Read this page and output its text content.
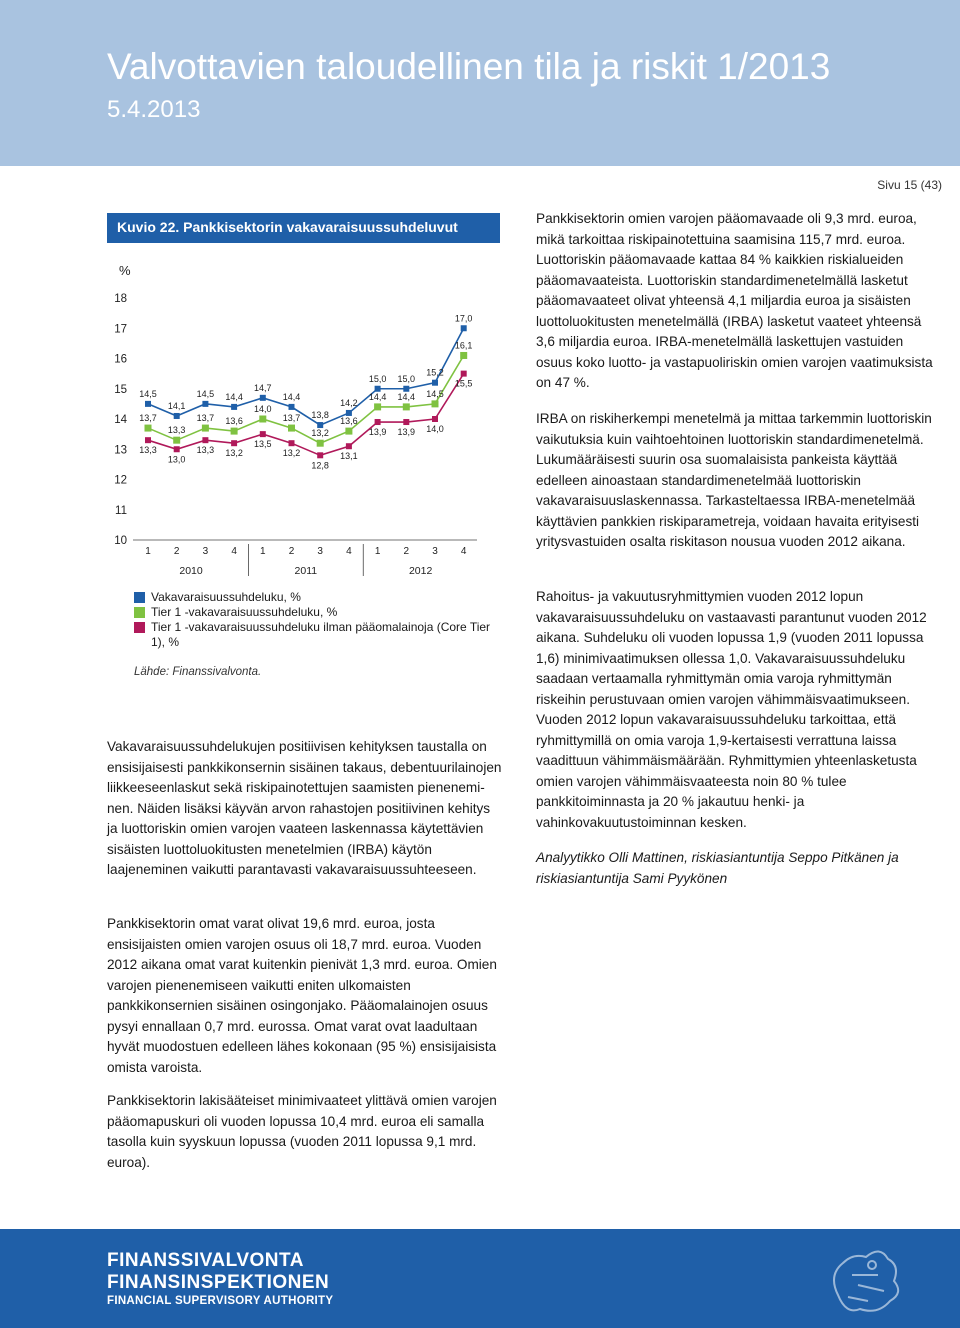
Valvottavien taloudellinen tila ja riskit 1/2013
5.4.2013
Sivu 15 (43)
Kuvio 22. Pankkisektorin vakavaraisuussuhdeluvut
%
10
11
12
13
14
15
16
17
18
1 2 3 4 1 2 3 4 1 2 3 4
2010	2011	2012
14,5
14,1
14,5 14,4
14,7
14,4
13,8
14,2
15,0 15,0
15,2
17,0
13,7
13,3
13,7 13,6
14,0
13,7
13,2
13,6
14,4 14,4 14,5
16,1
13,3
13,0
13,3 13,2
13,5
13,2
12,8
13,1
13,9 13,9 14,0
15,5
Vakavaraisuussuhdeluku, %
Tier 1 -vakavaraisuussuhdeluku, %
Tier 1 -vakavaraisuussuhdeluku ilman pääomalainoja (Core Tier 1), %
Lähde: Finanssivalvonta.

Vakavaraisuussuhdelukujen positiivisen kehityksen taustalla on ensisijaisesti pankkikonsernin sisäinen takaus, debentuurilainojen liikkeeseenlaskut sekä riskipainotettujen saamisten pieneneminen. Näiden lisäksi käyvän arvon rahastojen positiivinen kehitys ja luottoriskin omien varojen vaateen laskennassa käytettävien sisäisten luottoluokitusten menetelmien (IRBA) käytön laajeneminen vaikutti parantavasti vakavaraisuussuhteeseen.

Pankkisektorin omat varat olivat 19,6 mrd. euroa, josta ensisijaisten omien varojen osuus oli 18,7 mrd. euroa. Vuoden 2012 aikana omat varat kuitenkin pienivät 1,3 mrd. euroa. Omien varojen pienenemiseen vaikutti eniten ulkomaisten pankkikonsernien sisäinen osingonjako. Pääomalainojen osuus pysyi ennallaan 0,7 mrd. eurossa. Omat varat ovat laadultaan hyvät muodostuen edelleen lähes kokonaan (95 %) ensisijaisista omista varoista.

Pankkisektorin lakisääteiset minimivaateet ylittävä omien varojen pääomapuskuri oli vuoden lopussa 10,4 mrd. euroa eli samalla tasolla kuin syyskuun lopussa (vuoden 2011 lopussa 9,1 mrd. euroa).

Pankkisektorin omien varojen pääomavaade oli 9,3 mrd. euroa, mikä tarkoittaa riskipainotettuina saamisina 115,7 mrd. euroa. Luottoriskin pääomavaade kattaa 84 % kaikkien riskialueiden pääomavaateista. Luottoriskin standardimenetelmällä lasketut pääomavaateet olivat yhteensä 4,1 miljardia euroa ja sisäisten luottoluokitusten menetelmällä (IRBA) lasketut vaateet yhteensä 3,6 miljardia euroa. IRBA-menetelmällä laskettujen vastuiden osuus koko luotto- ja vastapuoliriskin omien varojen vaatimuksista on 47 %.

IRBA on riskiherkempi menetelmä ja mittaa tarkemmin luottoriskin vaikutuksia kuin vaihtoehtoinen luottoriskin standardimenetelmä. Lukumääräisesti suurin osa suomalaisista pankeista käyttää edelleen ainoastaan standardimenetelmää luottoriskin vakavaraisuuslaskennassa. Tarkasteltaessa IRBA-menetelmää käyttävien pankkien riskiparametreja, voidaan havaita erityisesti yritysvastuiden osalta riskitason nousua vuoden 2012 aikana.

Rahoitus- ja vakuutusryhmittymien vuoden 2012 lopun vakavaraisuussuhdeluku on vastaavasti parantunut vuoden 2012 aikana. Suhdeluku oli vuoden lopussa 1,9 (vuoden 2011 lopussa 1,6) minimivaatimuksen ollessa 1,0. Vakavaraisuussuhdeluku saadaan vertaamalla ryhmittymän omia varoja ryhmittymän riskeihin perustuvaan omien varojen vähimmäisvaatimukseen. Vuoden 2012 lopun vakavaraisuussuhdeluku tarkoittaa, että ryhmittymillä on omia varoja 1,9-kertaisesti verrattuna laissa vaadittuun vähimmäismäärään. Ryhmittymien yhteenlasketusta omien varojen vähimmäisvaateesta noin 80 % tulee pankkitoiminnasta ja 20 % jakautuu henki- ja vahinkovakuutustoiminnan kesken.

Analyytikko Olli Mattinen, riskiasiantuntija Seppo Pitkänen ja riskiasiantuntija Sami Pyykönen

FINANSSIVALVONTA
FINANSINSPEKTIONEN
FINANCIAL SUPERVISORY AUTHORITY
